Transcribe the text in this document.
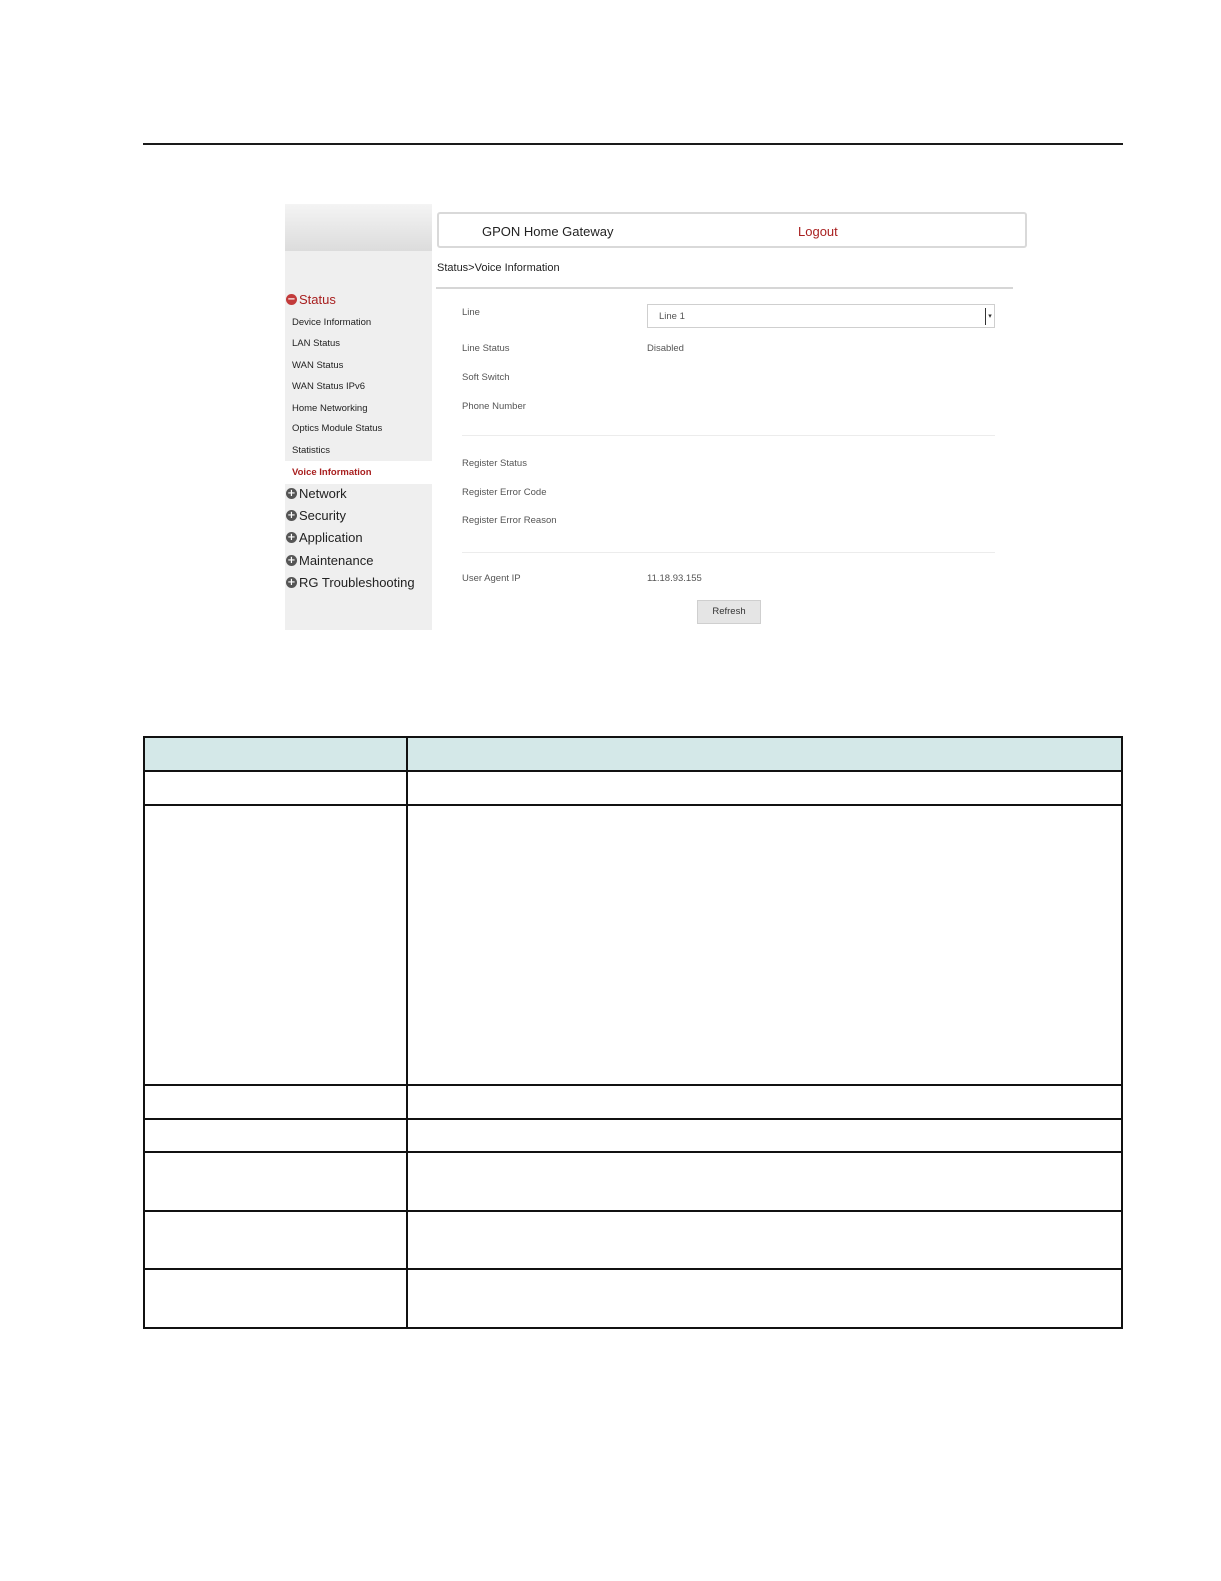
− Status
Device Information
LAN Status
WAN Status
WAN Status IPv6
Home Networking
Optics Module Status
Statistics
Voice Information
+ Network
+ Security
+ Application
+ Maintenance
+ RG Troubleshooting
GPON Home Gateway	Logout
Status>Voice Information
Line	Line 1	▾
Line Status	Disabled
Soft Switch
Phone Number
Register Status
Register Error Code
Register Error Reason
User Agent IP	11.18.93.155
Refresh
